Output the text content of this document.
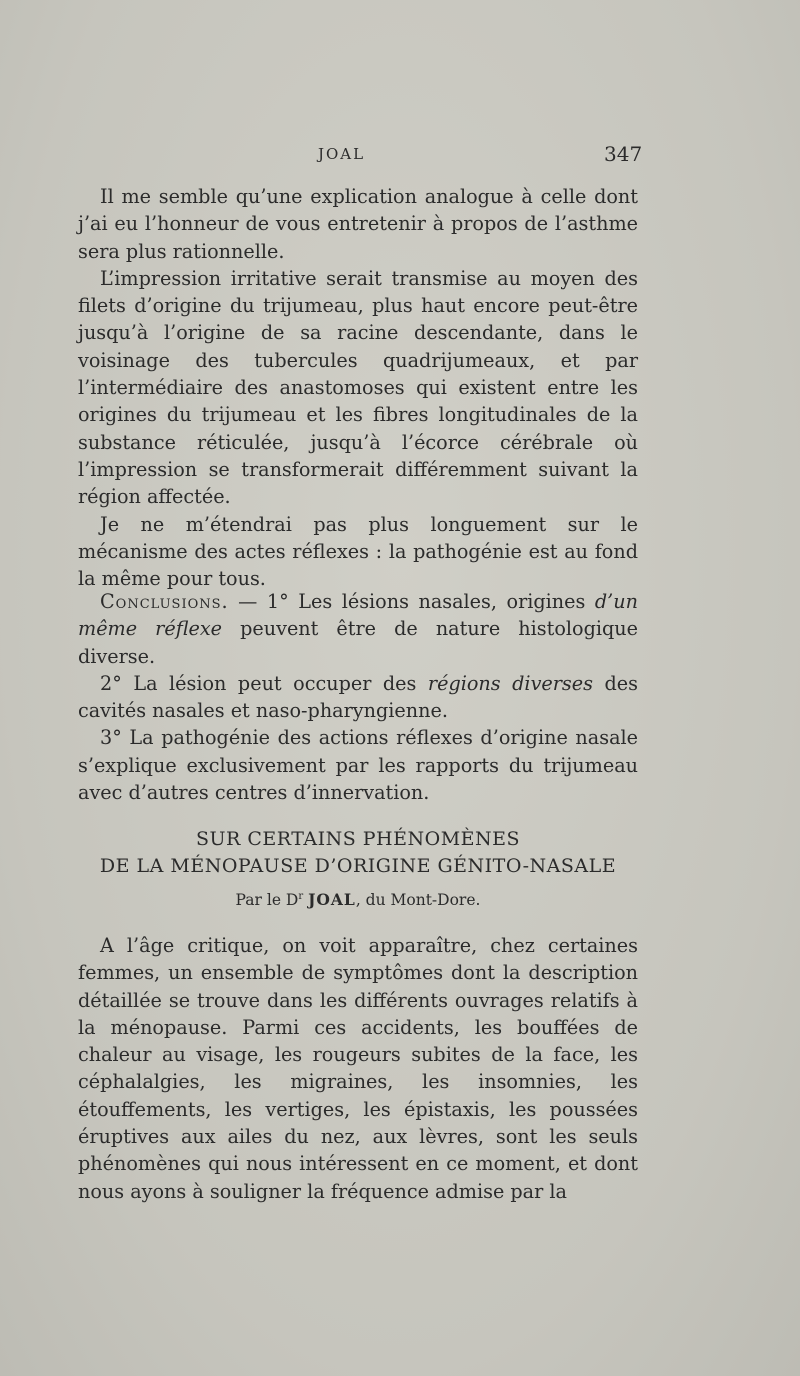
JOAL	347

Il me semble qu’une explication analogue à celle dont j’ai eu l’honneur de vous entretenir à propos de l’asthme sera plus rationnelle.

L’impression irritative serait transmise au moyen des filets d’origine du trijumeau, plus haut encore peut-être jusqu’à l’origine de sa racine descendante, dans le voisinage des tubercules quadrijumeaux, et par l’intermédiaire des anastomoses qui existent entre les origines du trijumeau et les fibres longitudinales de la substance réticulée, jusqu’à l’écorce cérébrale où l’impression se transformerait différemment suivant la région affectée.

Je ne m’étendrai pas plus longuement sur le mécanisme des actes réflexes : la pathogénie est au fond la même pour tous.

Conclusions. — 1° Les lésions nasales, origines d’un même réflexe peuvent être de nature histologique diverse.

2° La lésion peut occuper des régions diverses des cavités nasales et naso-pharyngienne.

3° La pathogénie des actions réflexes d’origine nasale s’explique exclusivement par les rapports du trijumeau avec d’autres centres d’innervation.

SUR CERTAINS PHÉNOMÈNES
DE LA MÉNOPAUSE D’ORIGINE GÉNITO-NASALE
Par le $D^r$ JOAL, du Mont-Dore.

A l’âge critique, on voit apparaître, chez certaines femmes, un ensemble de symptômes dont la description détaillée se trouve dans les différents ouvrages relatifs à la ménopause. Parmi ces accidents, les bouffées de chaleur au visage, les rougeurs subites de la face, les céphalalgies, les migraines, les insomnies, les étouffements, les vertiges, les épistaxis, les poussées éruptives aux ailes du nez, aux lèvres, sont les seuls phénomènes qui nous intéressent en ce moment, et dont nous ayons à souligner la fréquence admise par la
